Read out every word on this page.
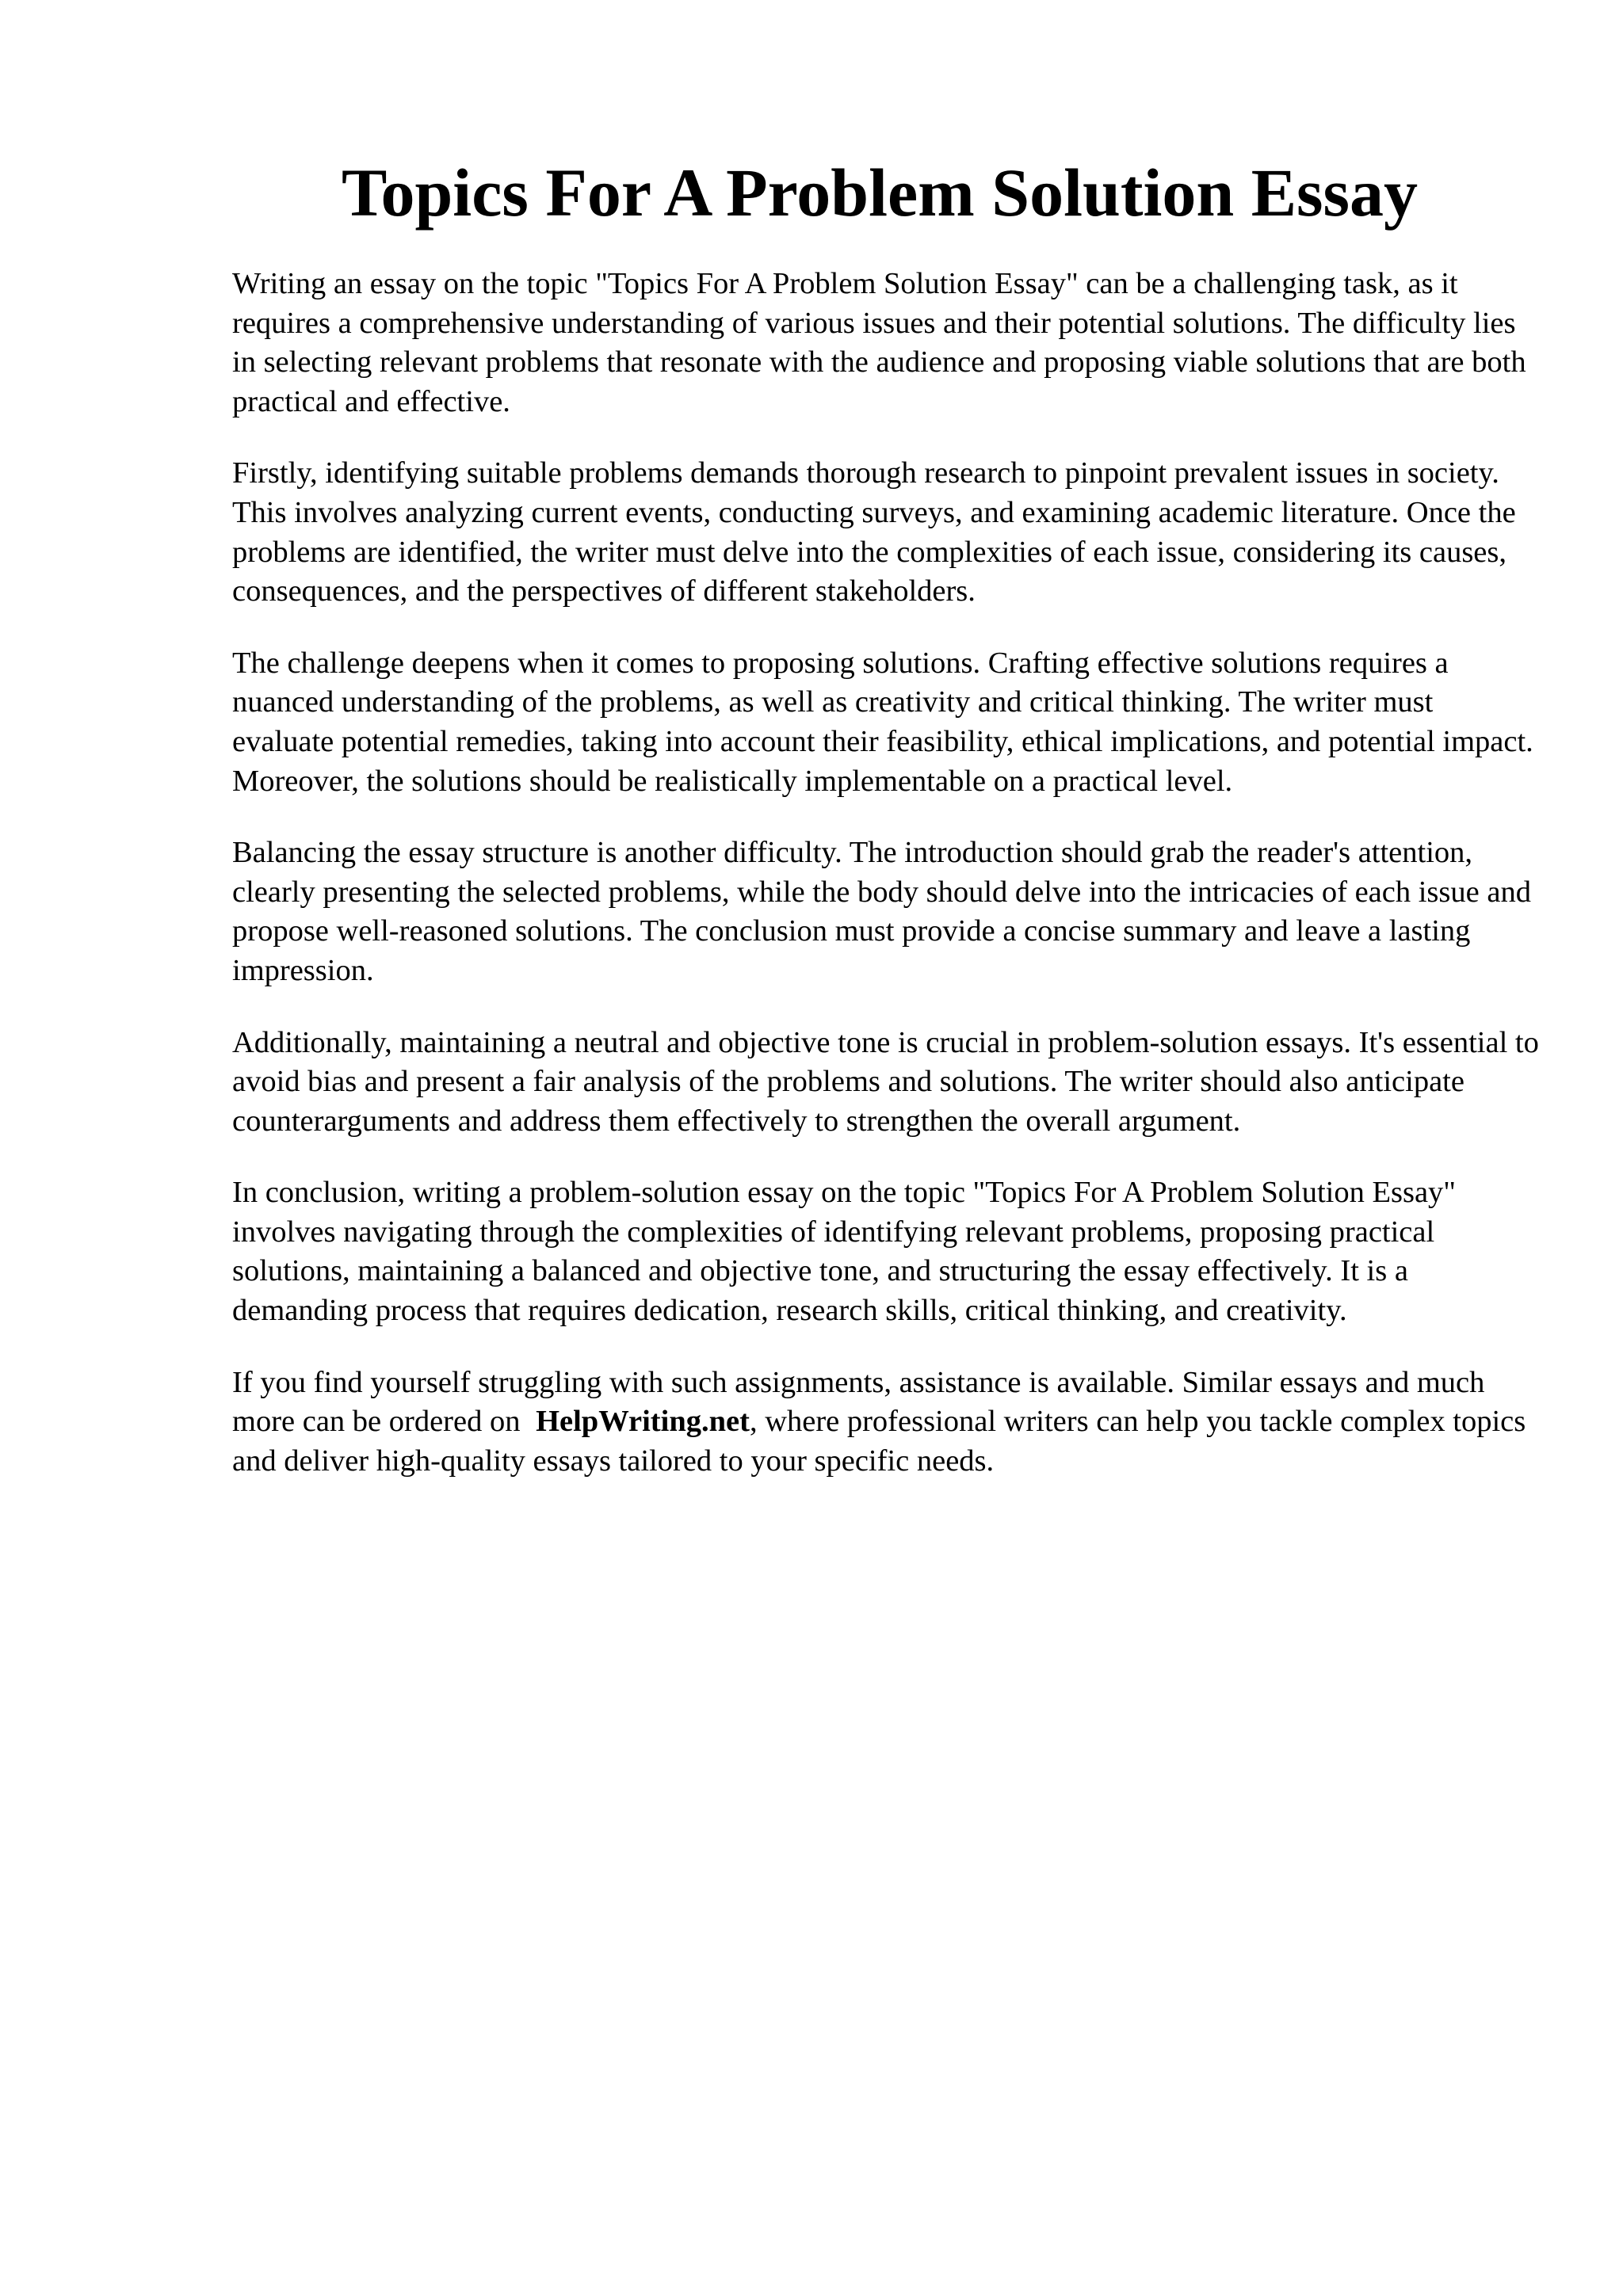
Topics For A Problem Solution Essay

Writing an essay on the topic "Topics For A Problem Solution Essay" can be a challenging task, as it requires a comprehensive understanding of various issues and their potential solutions. The difficulty lies in selecting relevant problems that resonate with the audience and proposing viable solutions that are both practical and effective.

Firstly, identifying suitable problems demands thorough research to pinpoint prevalent issues in society. This involves analyzing current events, conducting surveys, and examining academic literature. Once the problems are identified, the writer must delve into the complexities of each issue, considering its causes, consequences, and the perspectives of different stakeholders.

The challenge deepens when it comes to proposing solutions. Crafting effective solutions requires a nuanced understanding of the problems, as well as creativity and critical thinking. The writer must evaluate potential remedies, taking into account their feasibility, ethical implications, and potential impact. Moreover, the solutions should be realistically implementable on a practical level.

Balancing the essay structure is another difficulty. The introduction should grab the reader's attention, clearly presenting the selected problems, while the body should delve into the intricacies of each issue and propose well-reasoned solutions. The conclusion must provide a concise summary and leave a lasting impression.

Additionally, maintaining a neutral and objective tone is crucial in problem-solution essays. It's essential to avoid bias and present a fair analysis of the problems and solutions. The writer should also anticipate counterarguments and address them effectively to strengthen the overall argument.

In conclusion, writing a problem-solution essay on the topic "Topics For A Problem Solution Essay" involves navigating through the complexities of identifying relevant problems, proposing practical solutions, maintaining a balanced and objective tone, and structuring the essay effectively. It is a demanding process that requires dedication, research skills, critical thinking, and creativity.

If you find yourself struggling with such assignments, assistance is available. Similar essays and much more can be ordered on HelpWriting.net, where professional writers can help you tackle complex topics and deliver high-quality essays tailored to your specific needs.
